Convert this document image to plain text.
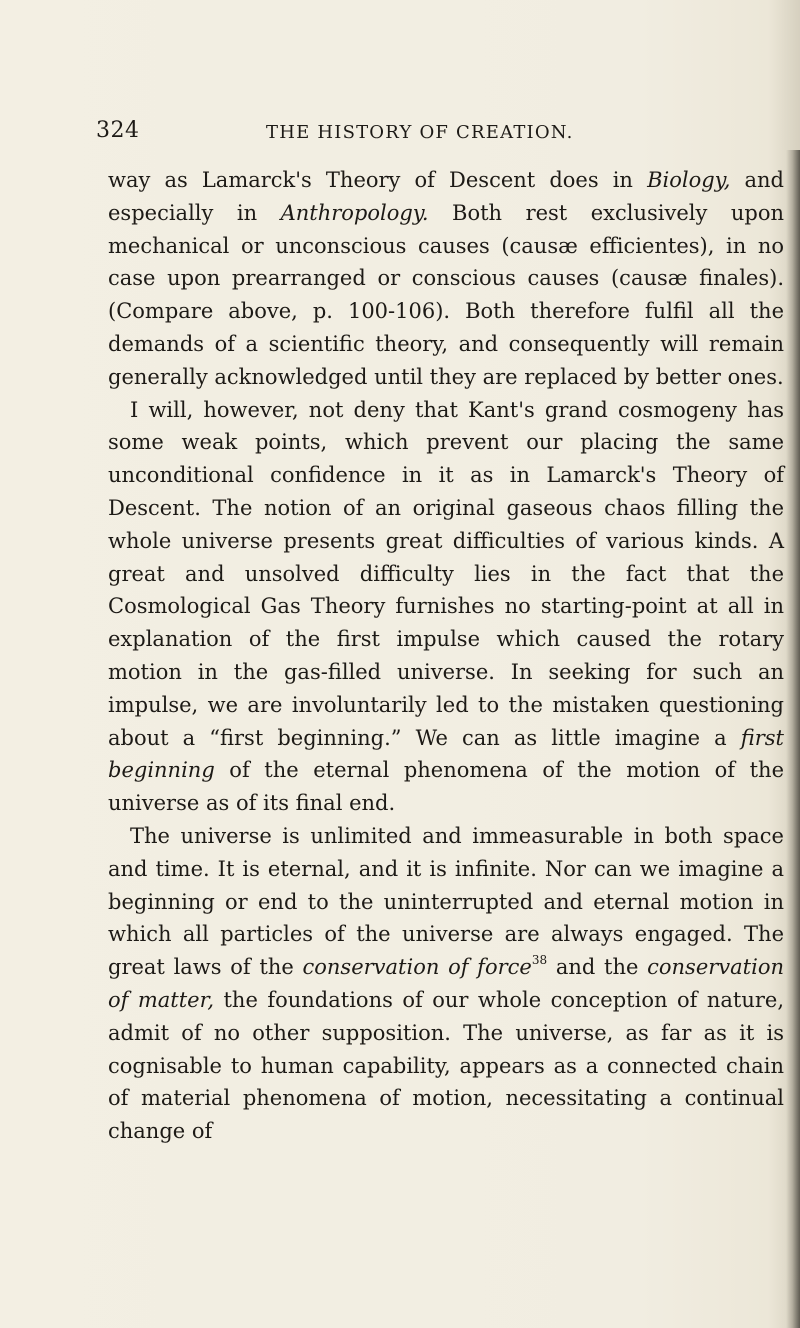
324	THE HISTORY OF CREATION.

way as Lamarck's Theory of Descent does in Biology, and especially in Anthropology. Both rest exclusively upon mechanical or unconscious causes (causæ efficientes), in no case upon prearranged or conscious causes (causæ finales). (Compare above, p. 100-106). Both therefore fulfil all the demands of a scientific theory, and consequently will remain generally acknowledged until they are replaced by better ones.

I will, however, not deny that Kant's grand cosmogeny has some weak points, which prevent our placing the same unconditional confidence in it as in Lamarck's Theory of Descent. The notion of an original gaseous chaos filling the whole universe presents great difficulties of various kinds. A great and unsolved difficulty lies in the fact that the Cosmological Gas Theory furnishes no starting-point at all in explanation of the first impulse which caused the rotary motion in the gas-filled universe. In seeking for such an impulse, we are involuntarily led to the mistaken questioning about a “first beginning.” We can as little imagine a first beginning of the eternal phenomena of the motion of the universe as of its final end.

The universe is unlimited and immeasurable in both space and time. It is eternal, and it is infinite. Nor can we imagine a beginning or end to the uninterrupted and eternal motion in which all particles of the universe are always engaged. The great laws of the conservation of force$^{38}$ and the conservation of matter, the foundations of our whole conception of nature, admit of no other supposition. The universe, as far as it is cognisable to human capability, appears as a connected chain of material phenomena of motion, necessitating a continual change of
